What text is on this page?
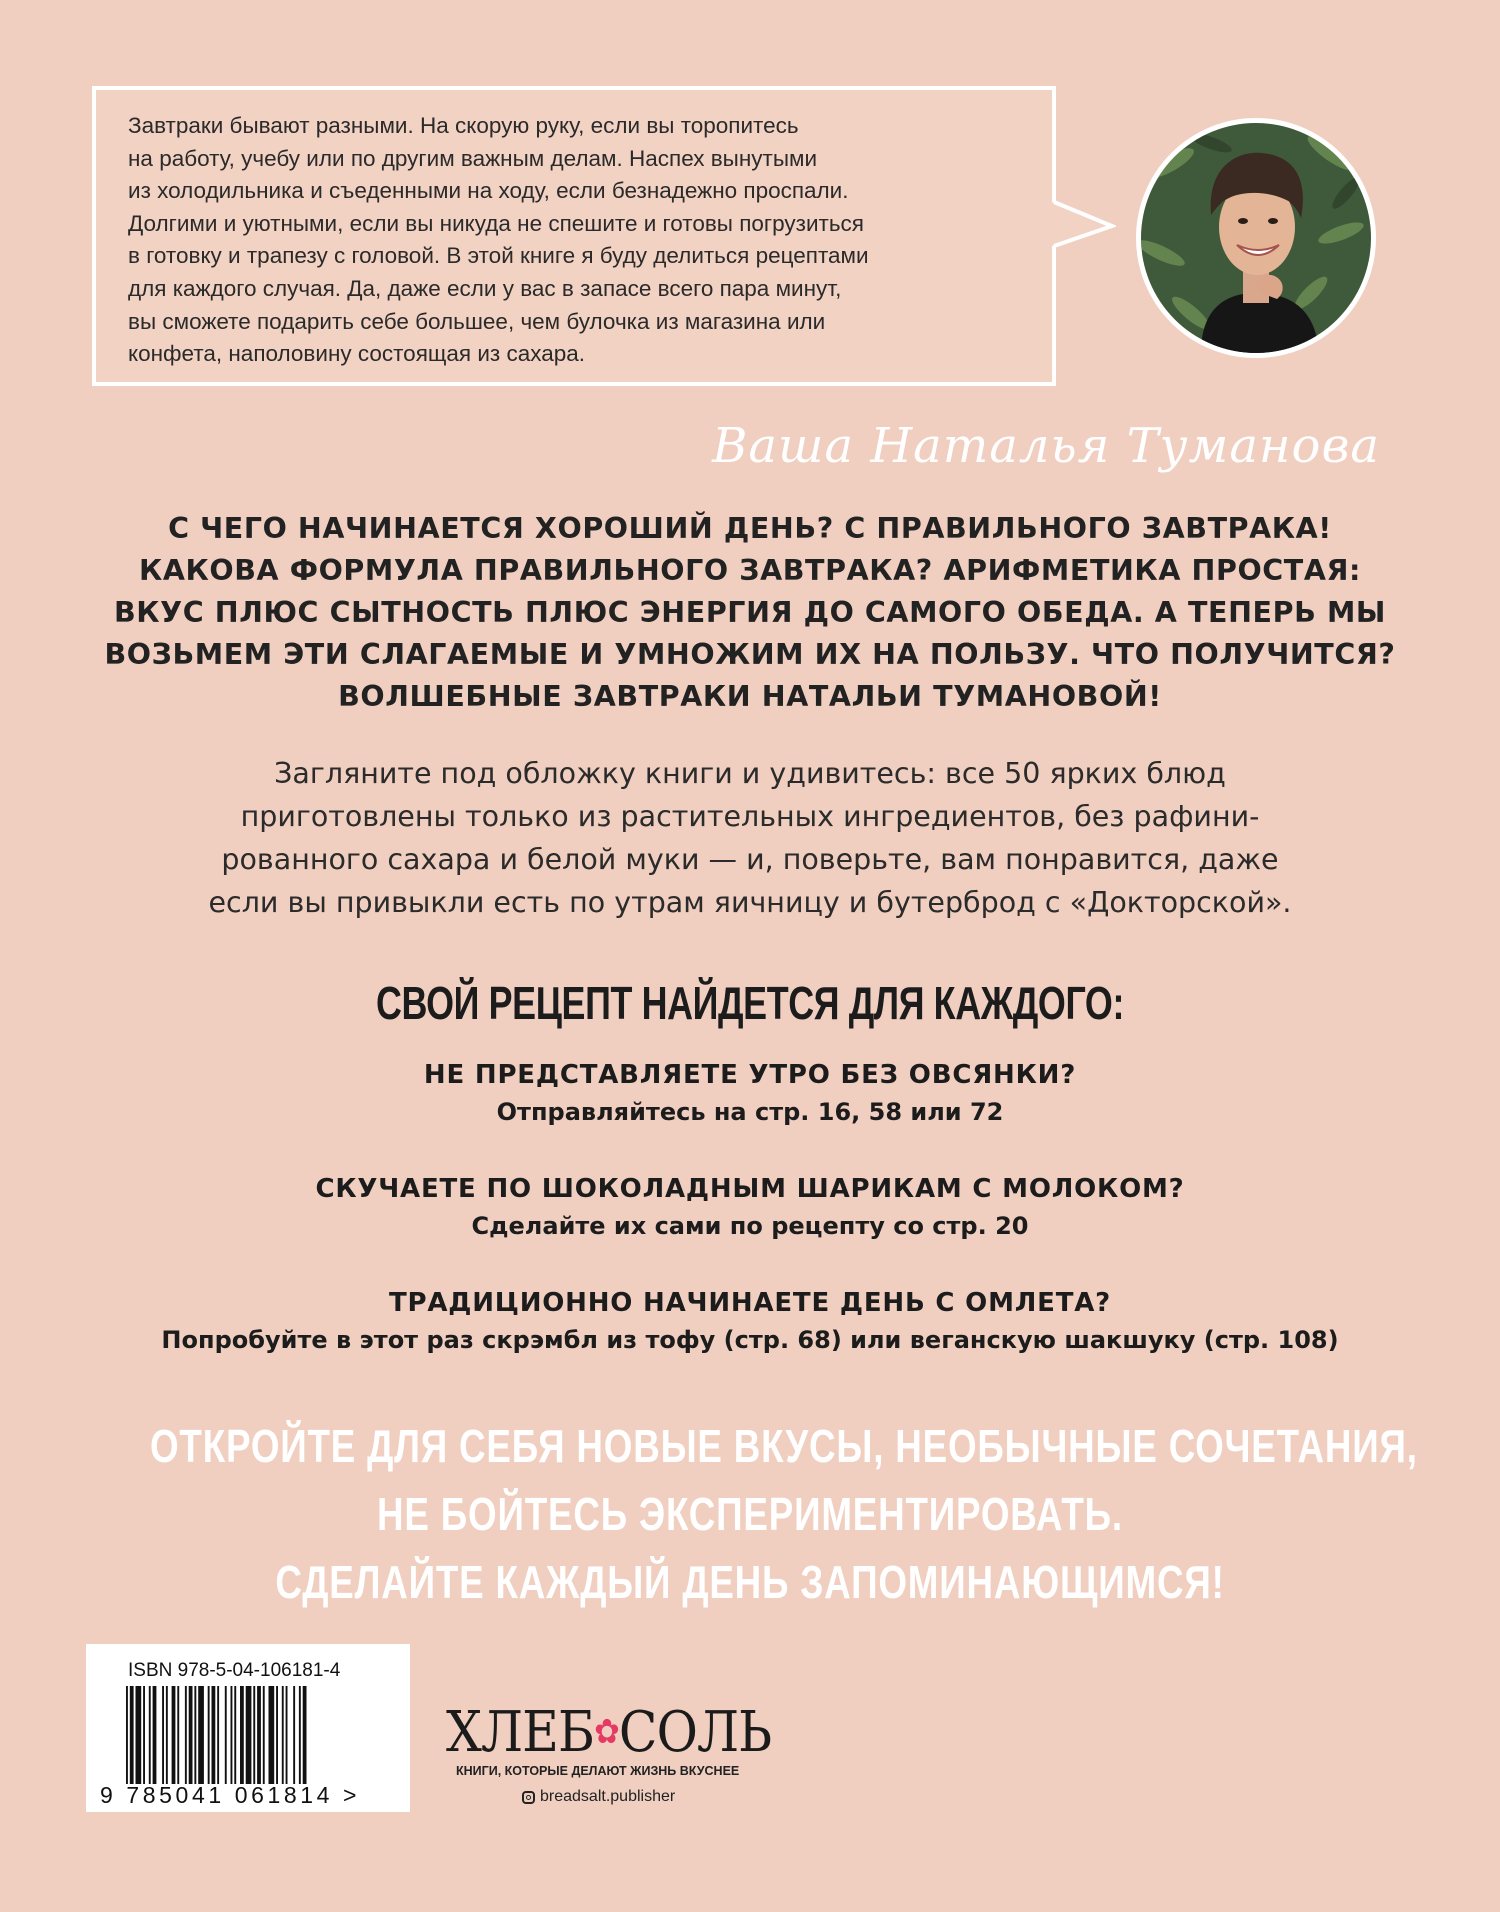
Завтраки бывают разными. На скорую руку, если вы торопитесь
на работу, учебу или по другим важным делам. Наспех вынутыми
из холодильника и съеденными на ходу, если безнадежно проспали.
Долгими и уютными, если вы никуда не спешите и готовы погрузиться
в готовку и трапезу с головой. В этой книге я буду делиться рецептами
для каждого случая. Да, даже если у вас в запасе всего пара минут,
вы сможете подарить себе большее, чем булочка из магазина или
конфета, наполовину состоящая из сахара.
Ваша Наталья Туманова
С ЧЕГО НАЧИНАЕТСЯ ХОРОШИЙ ДЕНЬ? С ПРАВИЛЬНОГО ЗАВТРАКА!
КАКОВА ФОРМУЛА ПРАВИЛЬНОГО ЗАВТРАКА? АРИФМЕТИКА ПРОСТАЯ:
ВКУС ПЛЮС СЫТНОСТЬ ПЛЮС ЭНЕРГИЯ ДО САМОГО ОБЕДА. А ТЕПЕРЬ МЫ
ВОЗЬМЕМ ЭТИ СЛАГАЕМЫЕ И УМНОЖИМ ИХ НА ПОЛЬЗУ. ЧТО ПОЛУЧИТСЯ?
ВОЛШЕБНЫЕ ЗАВТРАКИ НАТАЛЬИ ТУМАНОВОЙ!
Загляните под обложку книги и удивитесь: все 50 ярких блюд
приготовлены только из растительных ингредиентов, без рафини-
рованного сахара и белой муки — и, поверьте, вам понравится, даже
если вы привыкли есть по утрам яичницу и бутерброд с «Докторской».
СВОЙ РЕЦЕПТ НАЙДЕТСЯ ДЛЯ КАЖДОГО:
НЕ ПРЕДСТАВЛЯЕТЕ УТРО БЕЗ ОВСЯНКИ?
Отправляйтесь на стр. 16, 58 или 72
СКУЧАЕТЕ ПО ШОКОЛАДНЫМ ШАРИКАМ С МОЛОКОМ?
Сделайте их сами по рецепту со стр. 20
ТРАДИЦИОННО НАЧИНАЕТЕ ДЕНЬ С ОМЛЕТА?
Попробуйте в этот раз скрэмбл из тофу (стр. 68) или веганскую шакшуку (стр. 108)
ОТКРОЙТЕ ДЛЯ СЕБЯ НОВЫЕ ВКУСЫ, НЕОБЫЧНЫЕ СОЧЕТАНИЯ,
НЕ БОЙТЕСЬ ЭКСПЕРИМЕНТИРОВАТЬ.
СДЕЛАЙТЕ КАЖДЫЙ ДЕНЬ ЗАПОМИНАЮЩИМСЯ!
ISBN 978-5-04-106181-4
9 785041 061814 >
ХЛЕБ✿СОЛЬ
КНИГИ, КОТОРЫЕ ДЕЛАЮТ ЖИЗНЬ ВКУСНЕЕ
breadsalt.publisher
